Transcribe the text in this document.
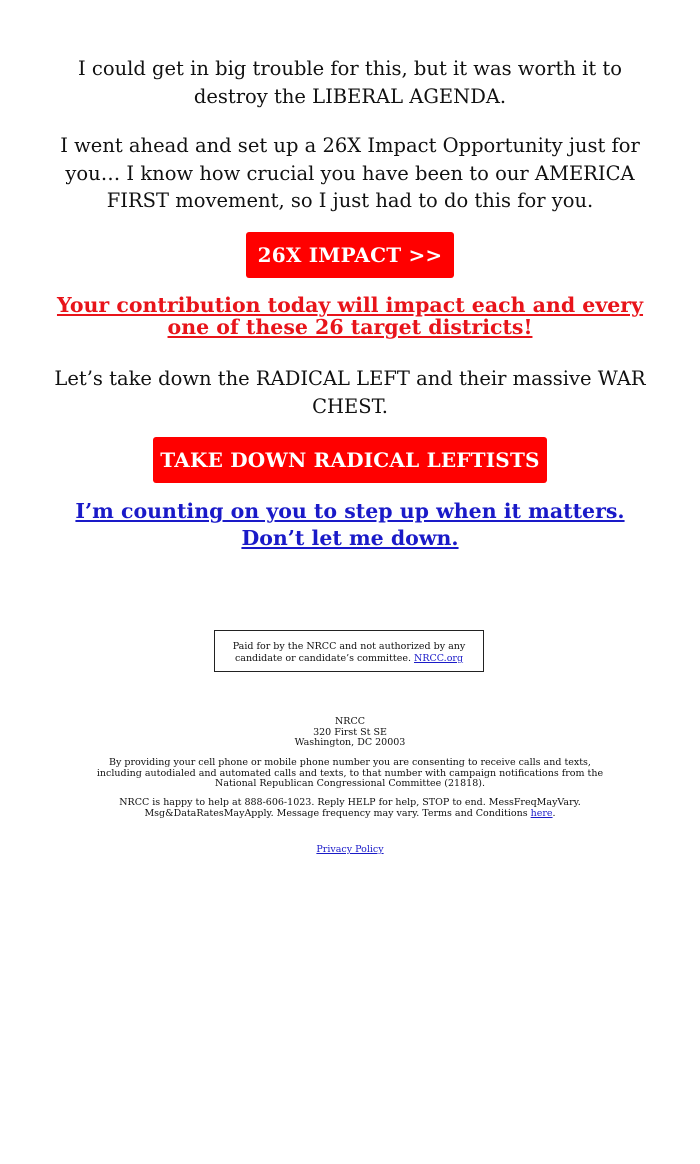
I could get in big trouble for this, but it was worth it to destroy the LIBERAL AGENDA.

I went ahead and set up a 26X Impact Opportunity just for you… I know how crucial you have been to our AMERICA FIRST movement, so I just had to do this for you.

26X IMPACT >>
Your contribution today will impact each and every one of these 26 target districts!

Let’s take down the RADICAL LEFT and their massive WAR CHEST.

TAKE DOWN RADICAL LEFTISTS
I’m counting on you to step up when it matters. Don’t let me down.
Paid for by the NRCC and not authorized by any candidate or candidate’s committee. NRCC.org
NRCC
320 First St SE
Washington, DC 20003

By providing your cell phone or mobile phone number you are consenting to receive calls and texts, including autodialed and automated calls and texts, to that number with campaign notifications from the National Republican Congressional Committee (21818).

NRCC is happy to help at 888-606-1023. Reply HELP for help, STOP to end. MessFreqMayVary. Msg&DataRatesMayApply. Message frequency may vary. Terms and Conditions here.

Privacy Policy
